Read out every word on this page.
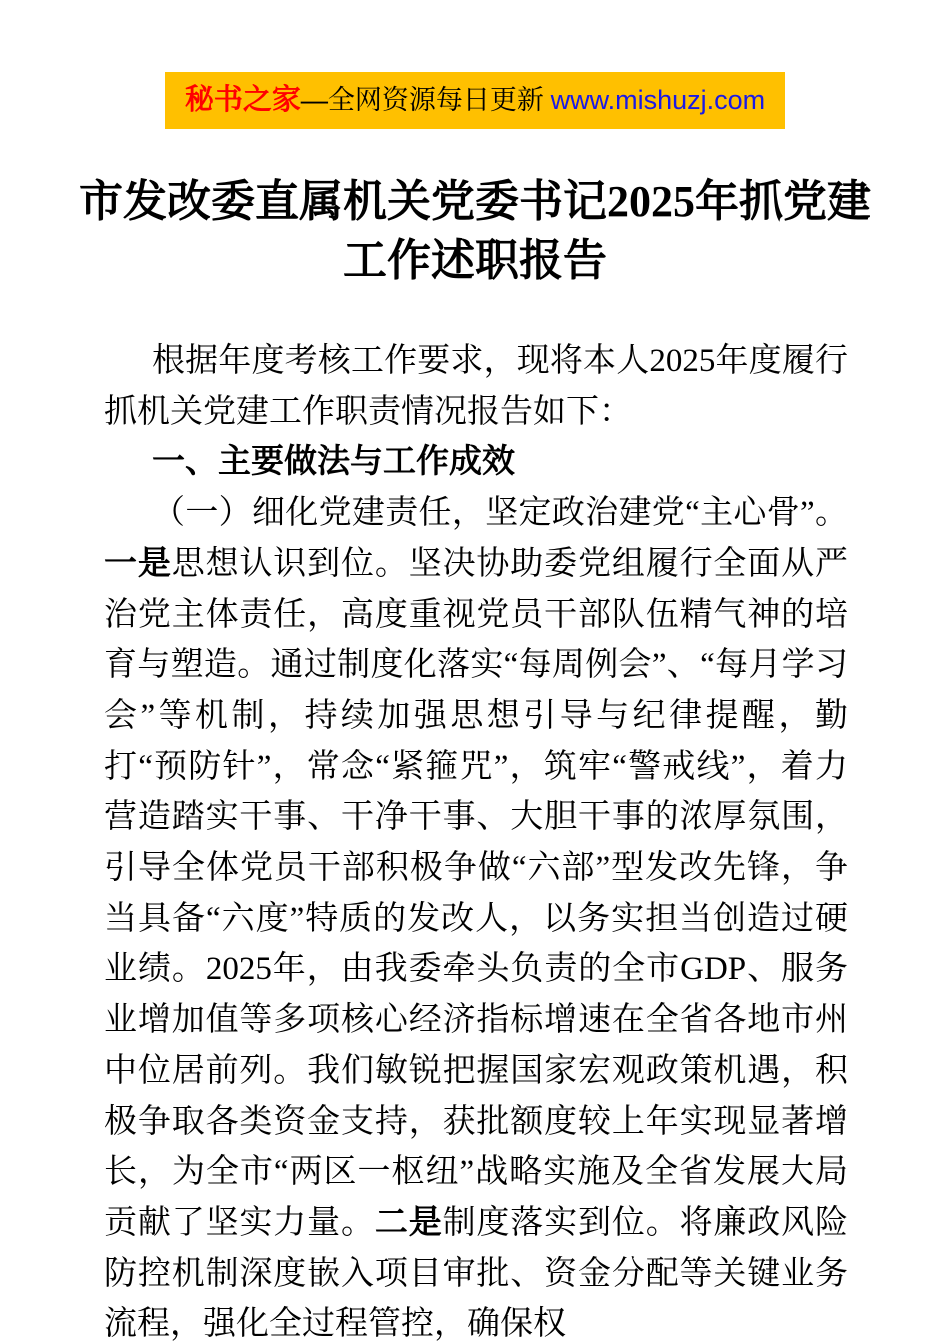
秘书之家—全网资源每日更新 www.mishuzj.com
市发改委直属机关党委书记2025年抓党建
工作述职报告

根据年度考核工作要求，现将本人2025年度履行抓机关党建工作职责情况报告如下：

一、主要做法与工作成效

（一）细化党建责任，坚定政治建党“主心骨”。一是思想认识到位。坚决协助委党组履行全面从严治党主体责任，高度重视党员干部队伍精气神的培育与塑造。通过制度化落实“每周例会”、“每月学习会”等机制，持续加强思想引导与纪律提醒，勤打“预防针”，常念“紧箍咒”，筑牢“警戒线”，着力营造踏实干事、干净干事、大胆干事的浓厚氛围，引导全体党员干部积极争做“六部”型发改先锋，争当具备“六度”特质的发改人，以务实担当创造过硬业绩。2025年，由我委牵头负责的全市GDP、服务业增加值等多项核心经济指标增速在全省各地市州中位居前列。我们敏锐把握国家宏观政策机遇，积极争取各类资金支持，获批额度较上年实现显著增长，为全市“两区一枢纽”战略实施及全省发展大局贡献了坚实力量。二是制度落实到位。将廉政风险防控机制深度嵌入项目审批、资金分配等关键业务流程，强化全过程管控，确保权
